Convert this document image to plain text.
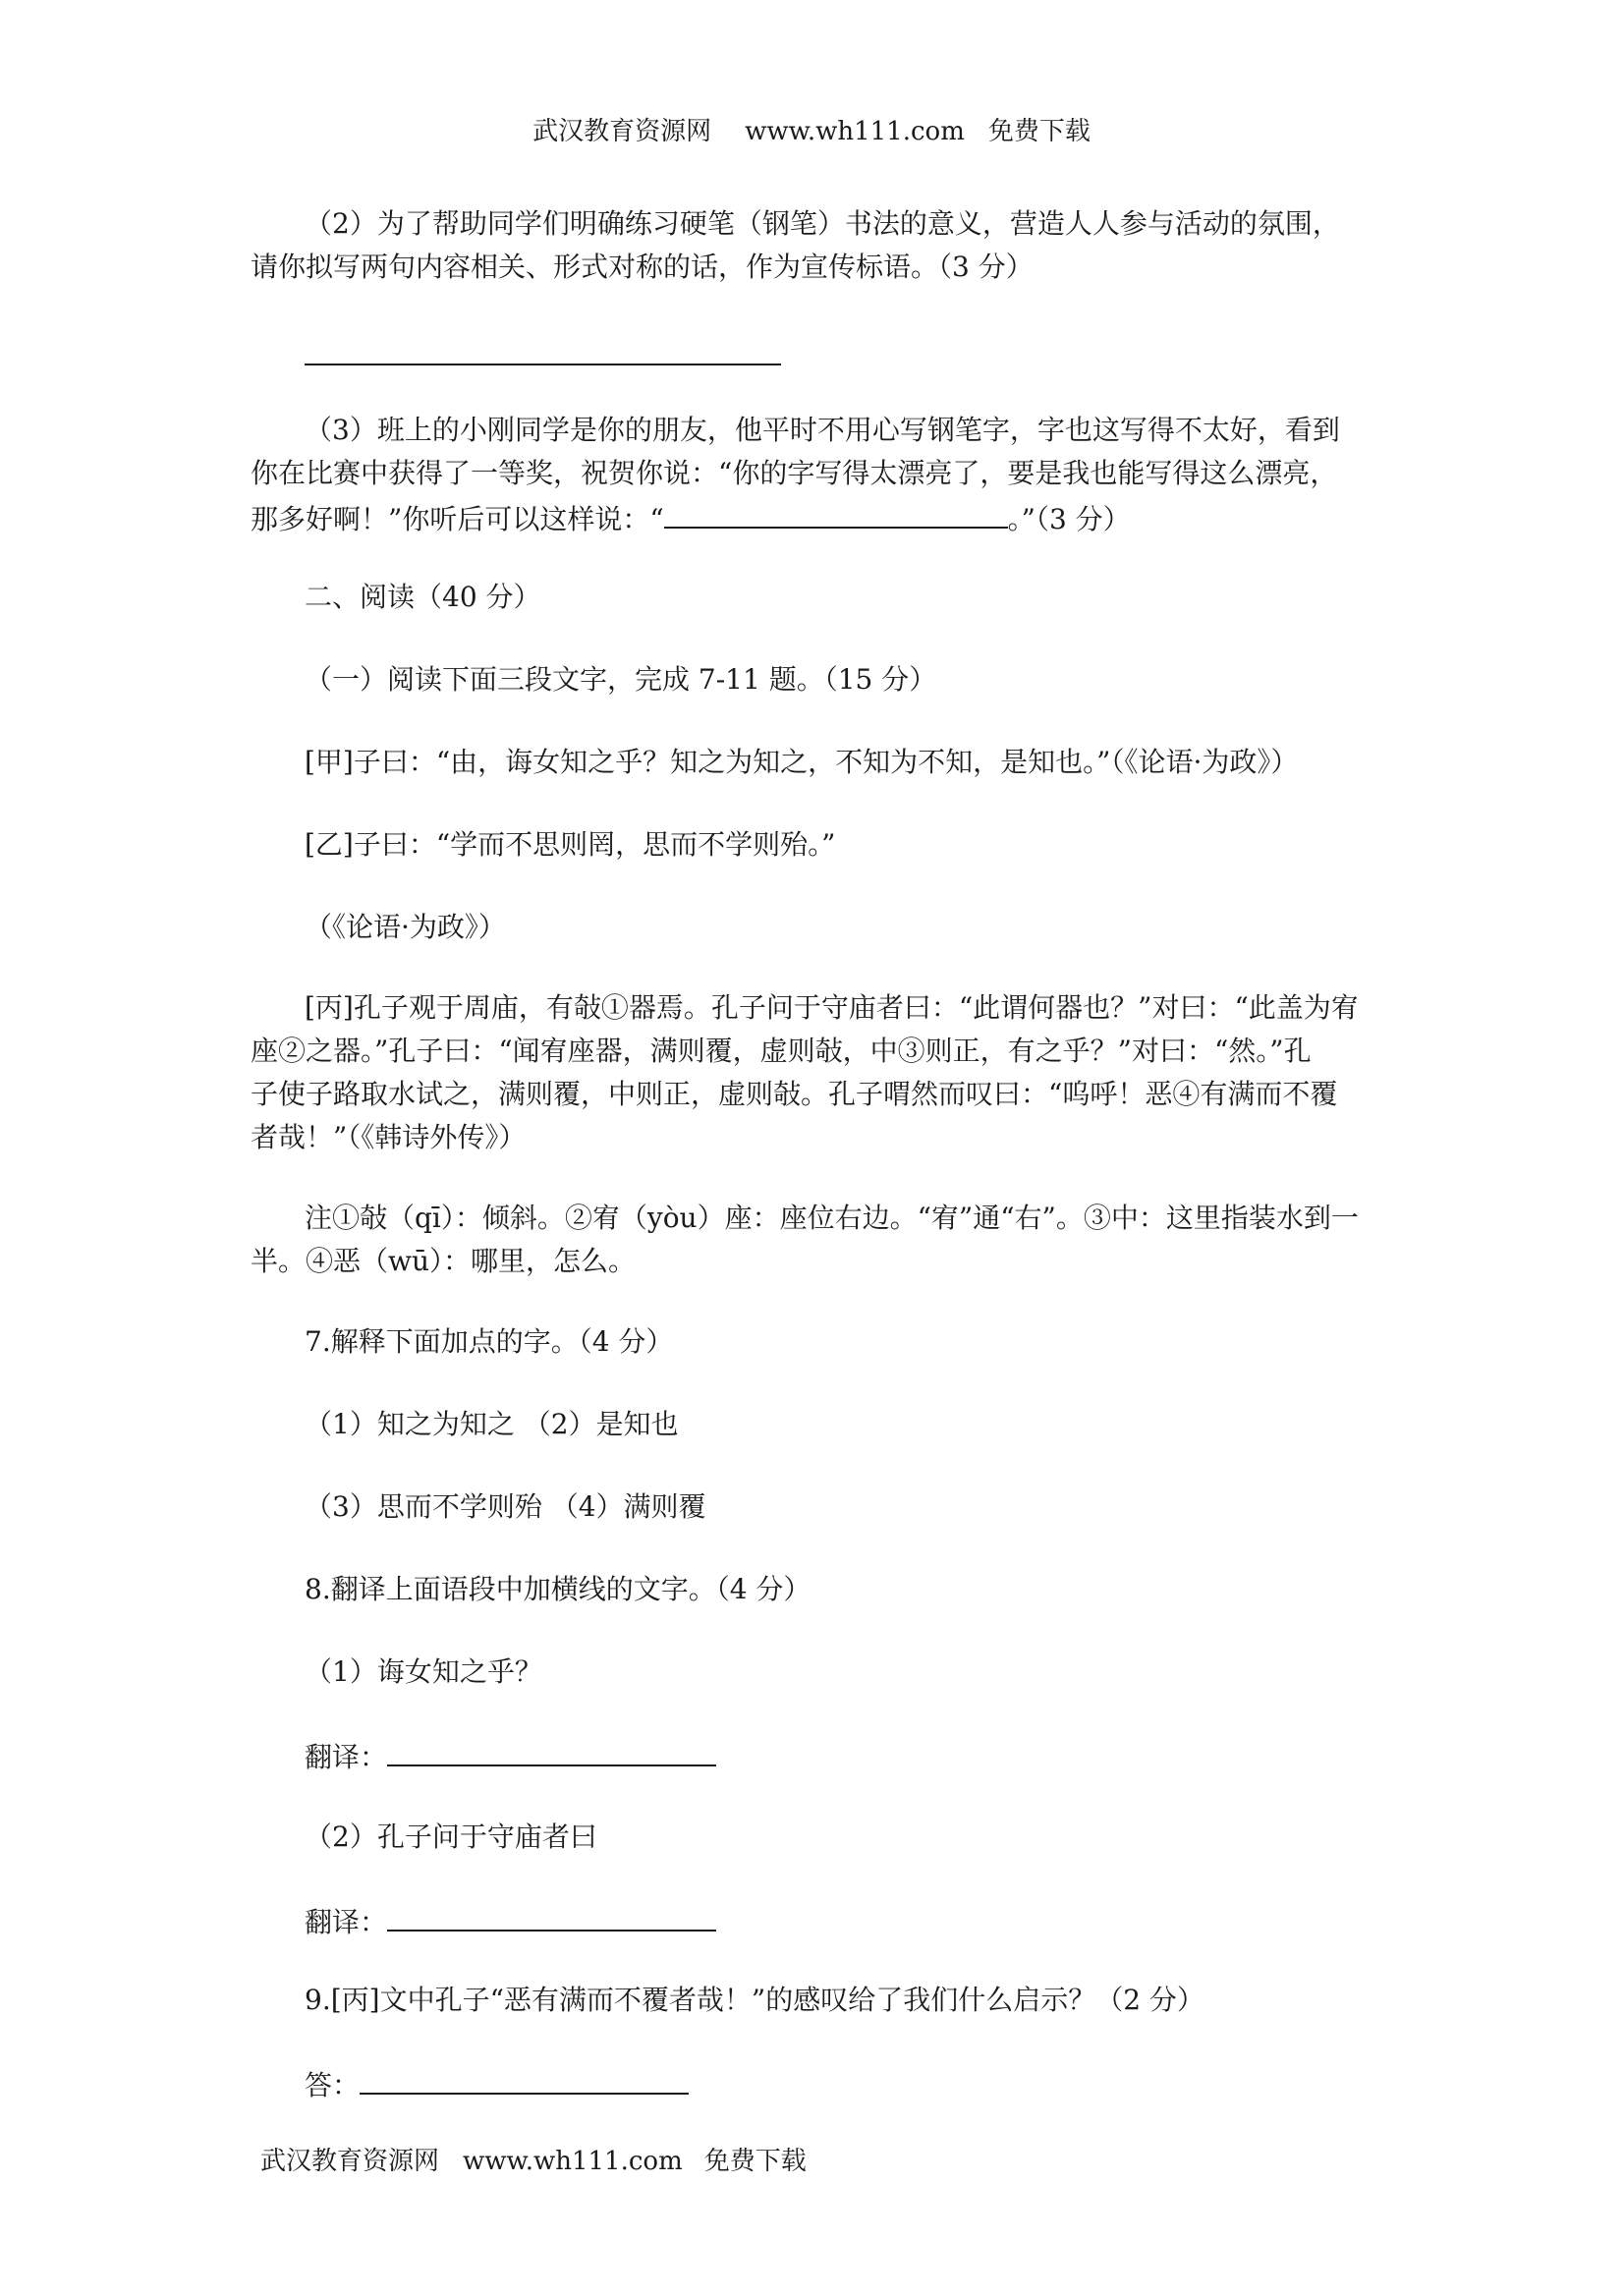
武汉教育资源网 www.wh111.com 免费下载
（2）为了帮助同学们明确练习硬笔（钢笔）书法的意义，营造人人参与活动的氛围，
请你拟写两句内容相关、形式对称的话，作为宣传标语。（3 分）
（3）班上的小刚同学是你的朋友，他平时不用心写钢笔字，字也这写得不太好，看到
你在比赛中获得了一等奖，祝贺你说：“你的字写得太漂亮了，要是我也能写得这么漂亮，
那多好啊！”你听后可以这样说：“	。”（3 分）
二、阅读（40 分）
（一）阅读下面三段文字，完成 7-11 题。（15 分）
[甲]子曰：“由，诲女知之乎？知之为知之，不知为不知，是知也。”（《论语·为政》）
[乙]子曰：“学而不思则罔，思而不学则殆。”
（《论语·为政》）
[丙]孔子观于周庙，有敧①器焉。孔子问于守庙者曰：“此谓何器也？”对曰：“此盖为宥
座②之器。”孔子曰：“闻宥座器，满则覆，虚则敧，中③则正，有之乎？”对曰：“然。”孔
子使子路取水试之，满则覆，中则正，虚则敧。孔子喟然而叹曰：“呜呼！恶④有满而不覆
者哉！”（《韩诗外传》）
注①敧（qī）：倾斜。②宥（yòu）座：座位右边。“宥”通“右”。③中：这里指装水到一
半。④恶（wū）：哪里，怎么。
7.解释下面加点的字。（4 分）
（1）知之为知之 （2）是知也
（3）思而不学则殆 （4）满则覆
8.翻译上面语段中加横线的文字。（4 分）
（1）诲女知之乎？
翻译：
（2）孔子问于守庙者曰
翻译：
9.[丙]文中孔子“恶有满而不覆者哉！”的感叹给了我们什么启示？（2 分）
答：
武汉教育资源网 www.wh111.com 免费下载
